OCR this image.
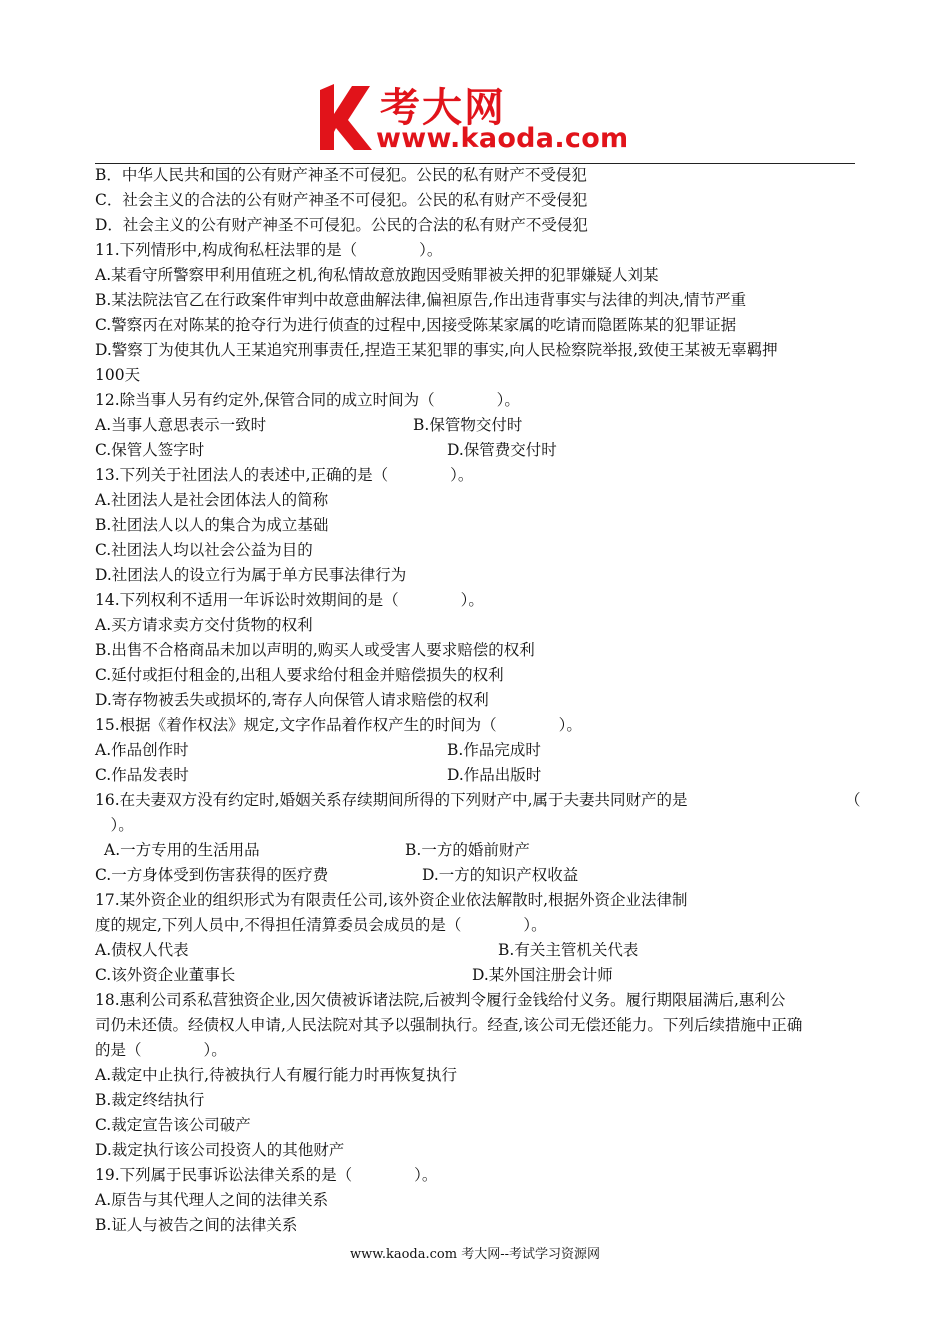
考大网
www.kaoda.com
B．中华人民共和国的公有财产神圣不可侵犯。公民的私有财产不受侵犯
C．社会主义的合法的公有财产神圣不可侵犯。公民的私有财产不受侵犯
D．社会主义的公有财产神圣不可侵犯。公民的合法的私有财产不受侵犯
11.下列情形中,构成徇私枉法罪的是（　　　　）。
A.某看守所警察甲利用值班之机,徇私情故意放跑因受贿罪被关押的犯罪嫌疑人刘某
B.某法院法官乙在行政案件审判中故意曲解法律,偏袒原告,作出违背事实与法律的判决,情节严重
C.警察丙在对陈某的抢夺行为进行侦查的过程中,因接受陈某家属的吃请而隐匿陈某的犯罪证据
D.警察丁为使其仇人王某追究刑事责任,捏造王某犯罪的事实,向人民检察院举报,致使王某被无辜羁押
100天
12.除当事人另有约定外,保管合同的成立时间为（　　　　）。
A.当事人意思表示一致时	B.保管物交付时
C.保管人签字时	D.保管费交付时
13.下列关于社团法人的表述中,正确的是（　　　　）。
A.社团法人是社会团体法人的简称
B.社团法人以人的集合为成立基础
C.社团法人均以社会公益为目的
D.社团法人的设立行为属于单方民事法律行为
14.下列权利不适用一年诉讼时效期间的是（　　　　）。
A.买方请求卖方交付货物的权利
B.出售不合格商品未加以声明的,购买人或受害人要求赔偿的权利
C.延付或拒付租金的,出租人要求给付租金并赔偿损失的权利
D.寄存物被丢失或损坏的,寄存人向保管人请求赔偿的权利
15.根据《着作权法》规定,文字作品着作权产生的时间为（　　　　）。
A.作品创作时	B.作品完成时
C.作品发表时	D.作品出版时
16.在夫妻双方没有约定时,婚姻关系存续期间所得的下列财产中,属于夫妻共同财产的是	（
　）。
A.一方专用的生活用品	B.一方的婚前财产
C.一方身体受到伤害获得的医疗费	D.一方的知识产权收益
17.某外资企业的组织形式为有限责任公司,该外资企业依法解散时,根据外资企业法律制
度的规定,下列人员中,不得担任清算委员会成员的是（　　　　）。
A.债权人代表	B.有关主管机关代表
C.该外资企业董事长	D.某外国注册会计师
18.惠利公司系私营独资企业,因欠债被诉诸法院,后被判令履行金钱给付义务。履行期限届满后,惠利公
司仍未还债。经债权人申请,人民法院对其予以强制执行。经查,该公司无偿还能力。下列后续措施中正确
的是（　　　　）。
A.裁定中止执行,待被执行人有履行能力时再恢复执行
B.裁定终结执行
C.裁定宣告该公司破产
D.裁定执行该公司投资人的其他财产
19.下列属于民事诉讼法律关系的是（　　　　）。
A.原告与其代理人之间的法律关系
B.证人与被告之间的法律关系
www.kaoda.com 考大网--考试学习资源网
